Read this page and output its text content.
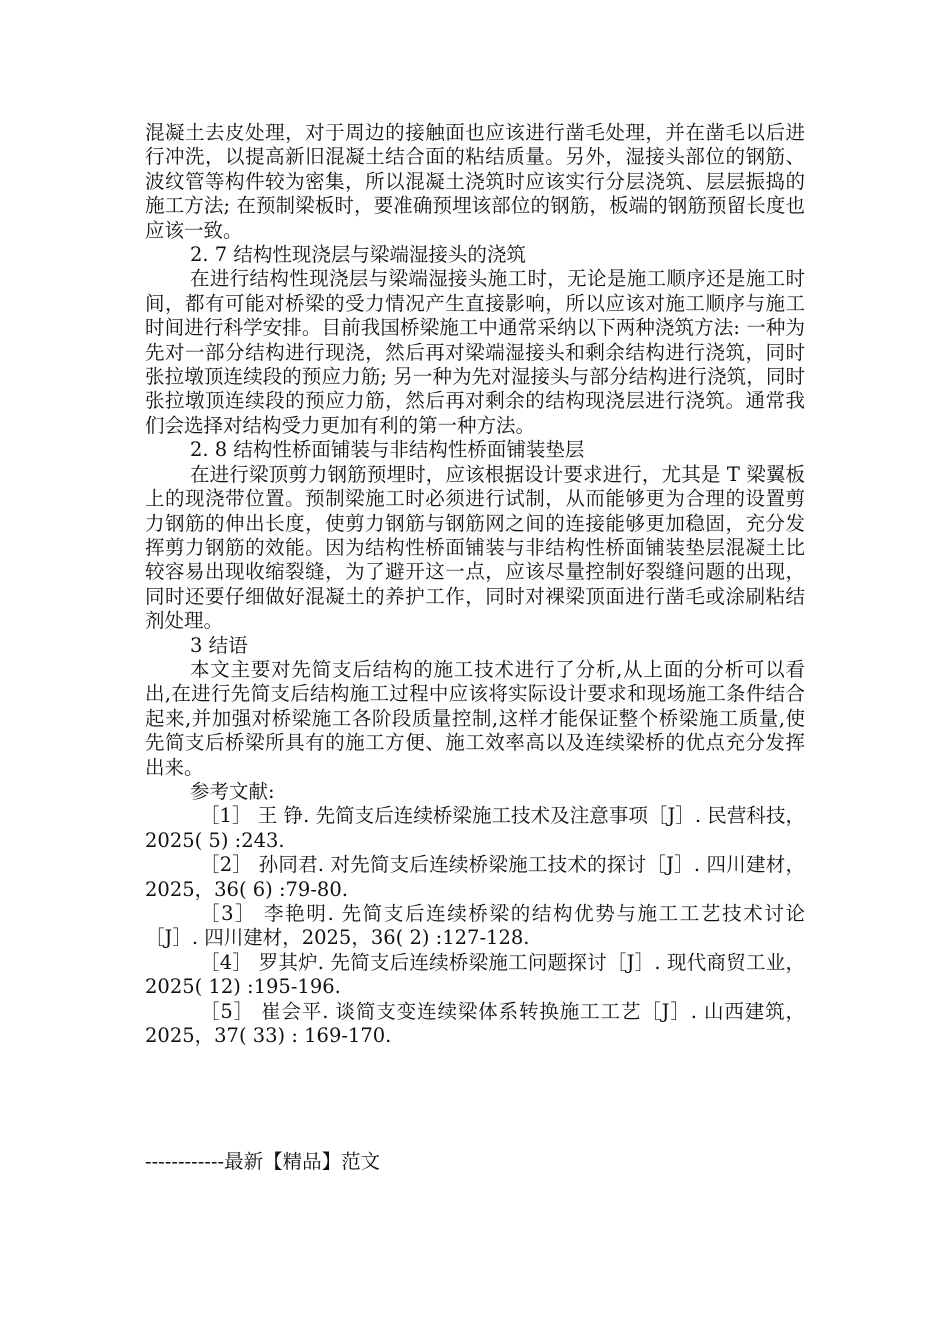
混凝土去皮处理，对于周边的接触面也应该进行凿毛处理，并在凿毛以后进行冲洗，以提高新旧混凝土结合面的粘结质量。另外，湿接头部位的钢筋、波纹管等构件较为密集，所以混凝土浇筑时应该实行分层浇筑、层层振捣的施工方法; 在预制梁板时，要准确预埋该部位的钢筋，板端的钢筋预留长度也应该一致。

2. 7 结构性现浇层与梁端湿接头的浇筑

在进行结构性现浇层与梁端湿接头施工时，无论是施工顺序还是施工时间，都有可能对桥梁的受力情况产生直接影响，所以应该对施工顺序与施工时间进行科学安排。目前我国桥梁施工中通常采纳以下两种浇筑方法: 一种为先对一部分结构进行现浇，然后再对梁端湿接头和剩余结构进行浇筑，同时张拉墩顶连续段的预应力筋; 另一种为先对湿接头与部分结构进行浇筑，同时张拉墩顶连续段的预应力筋，然后再对剩余的结构现浇层进行浇筑。通常我们会选择对结构受力更加有利的第一种方法。

2. 8 结构性桥面铺装与非结构性桥面铺装垫层

在进行梁顶剪力钢筋预埋时，应该根据设计要求进行，尤其是 T 梁翼板上的现浇带位置。预制梁施工时必须进行试制，从而能够更为合理的设置剪力钢筋的伸出长度，使剪力钢筋与钢筋网之间的连接能够更加稳固，充分发挥剪力钢筋的效能。因为结构性桥面铺装与非结构性桥面铺装垫层混凝土比较容易出现收缩裂缝，为了避开这一点，应该尽量控制好裂缝问题的出现，同时还要仔细做好混凝土的养护工作，同时对裸梁顶面进行凿毛或涂刷粘结剂处理。

3 结语

本文主要对先简支后结构的施工技术进行了分析,从上面的分析可以看出,在进行先简支后结构施工过程中应该将实际设计要求和现场施工条件结合起来,并加强对桥梁施工各阶段质量控制,这样才能保证整个桥梁施工质量,使先简支后桥梁所具有的施工方便、施工效率高以及连续梁桥的优点充分发挥出来。

参考文献:

［1］ 王 铮. 先简支后连续桥梁施工技术及注意事项［J］. 民营科技，2025( 5) :243.

［2］ 孙同君. 对先简支后连续桥梁施工技术的探讨［J］. 四川建材，2025，36( 6) :79-80.

［3］ 李艳明. 先简支后连续桥梁的结构优势与施工工艺技术讨论［J］. 四川建材，2025，36( 2) :127-128.

［4］ 罗其炉. 先简支后连续桥梁施工问题探讨［J］. 现代商贸工业，2025( 12) :195-196.

［5］ 崔会平. 谈简支变连续梁体系转换施工工艺［J］. 山西建筑，2025，37( 33) : 169-170.

------------最新【精品】范文
